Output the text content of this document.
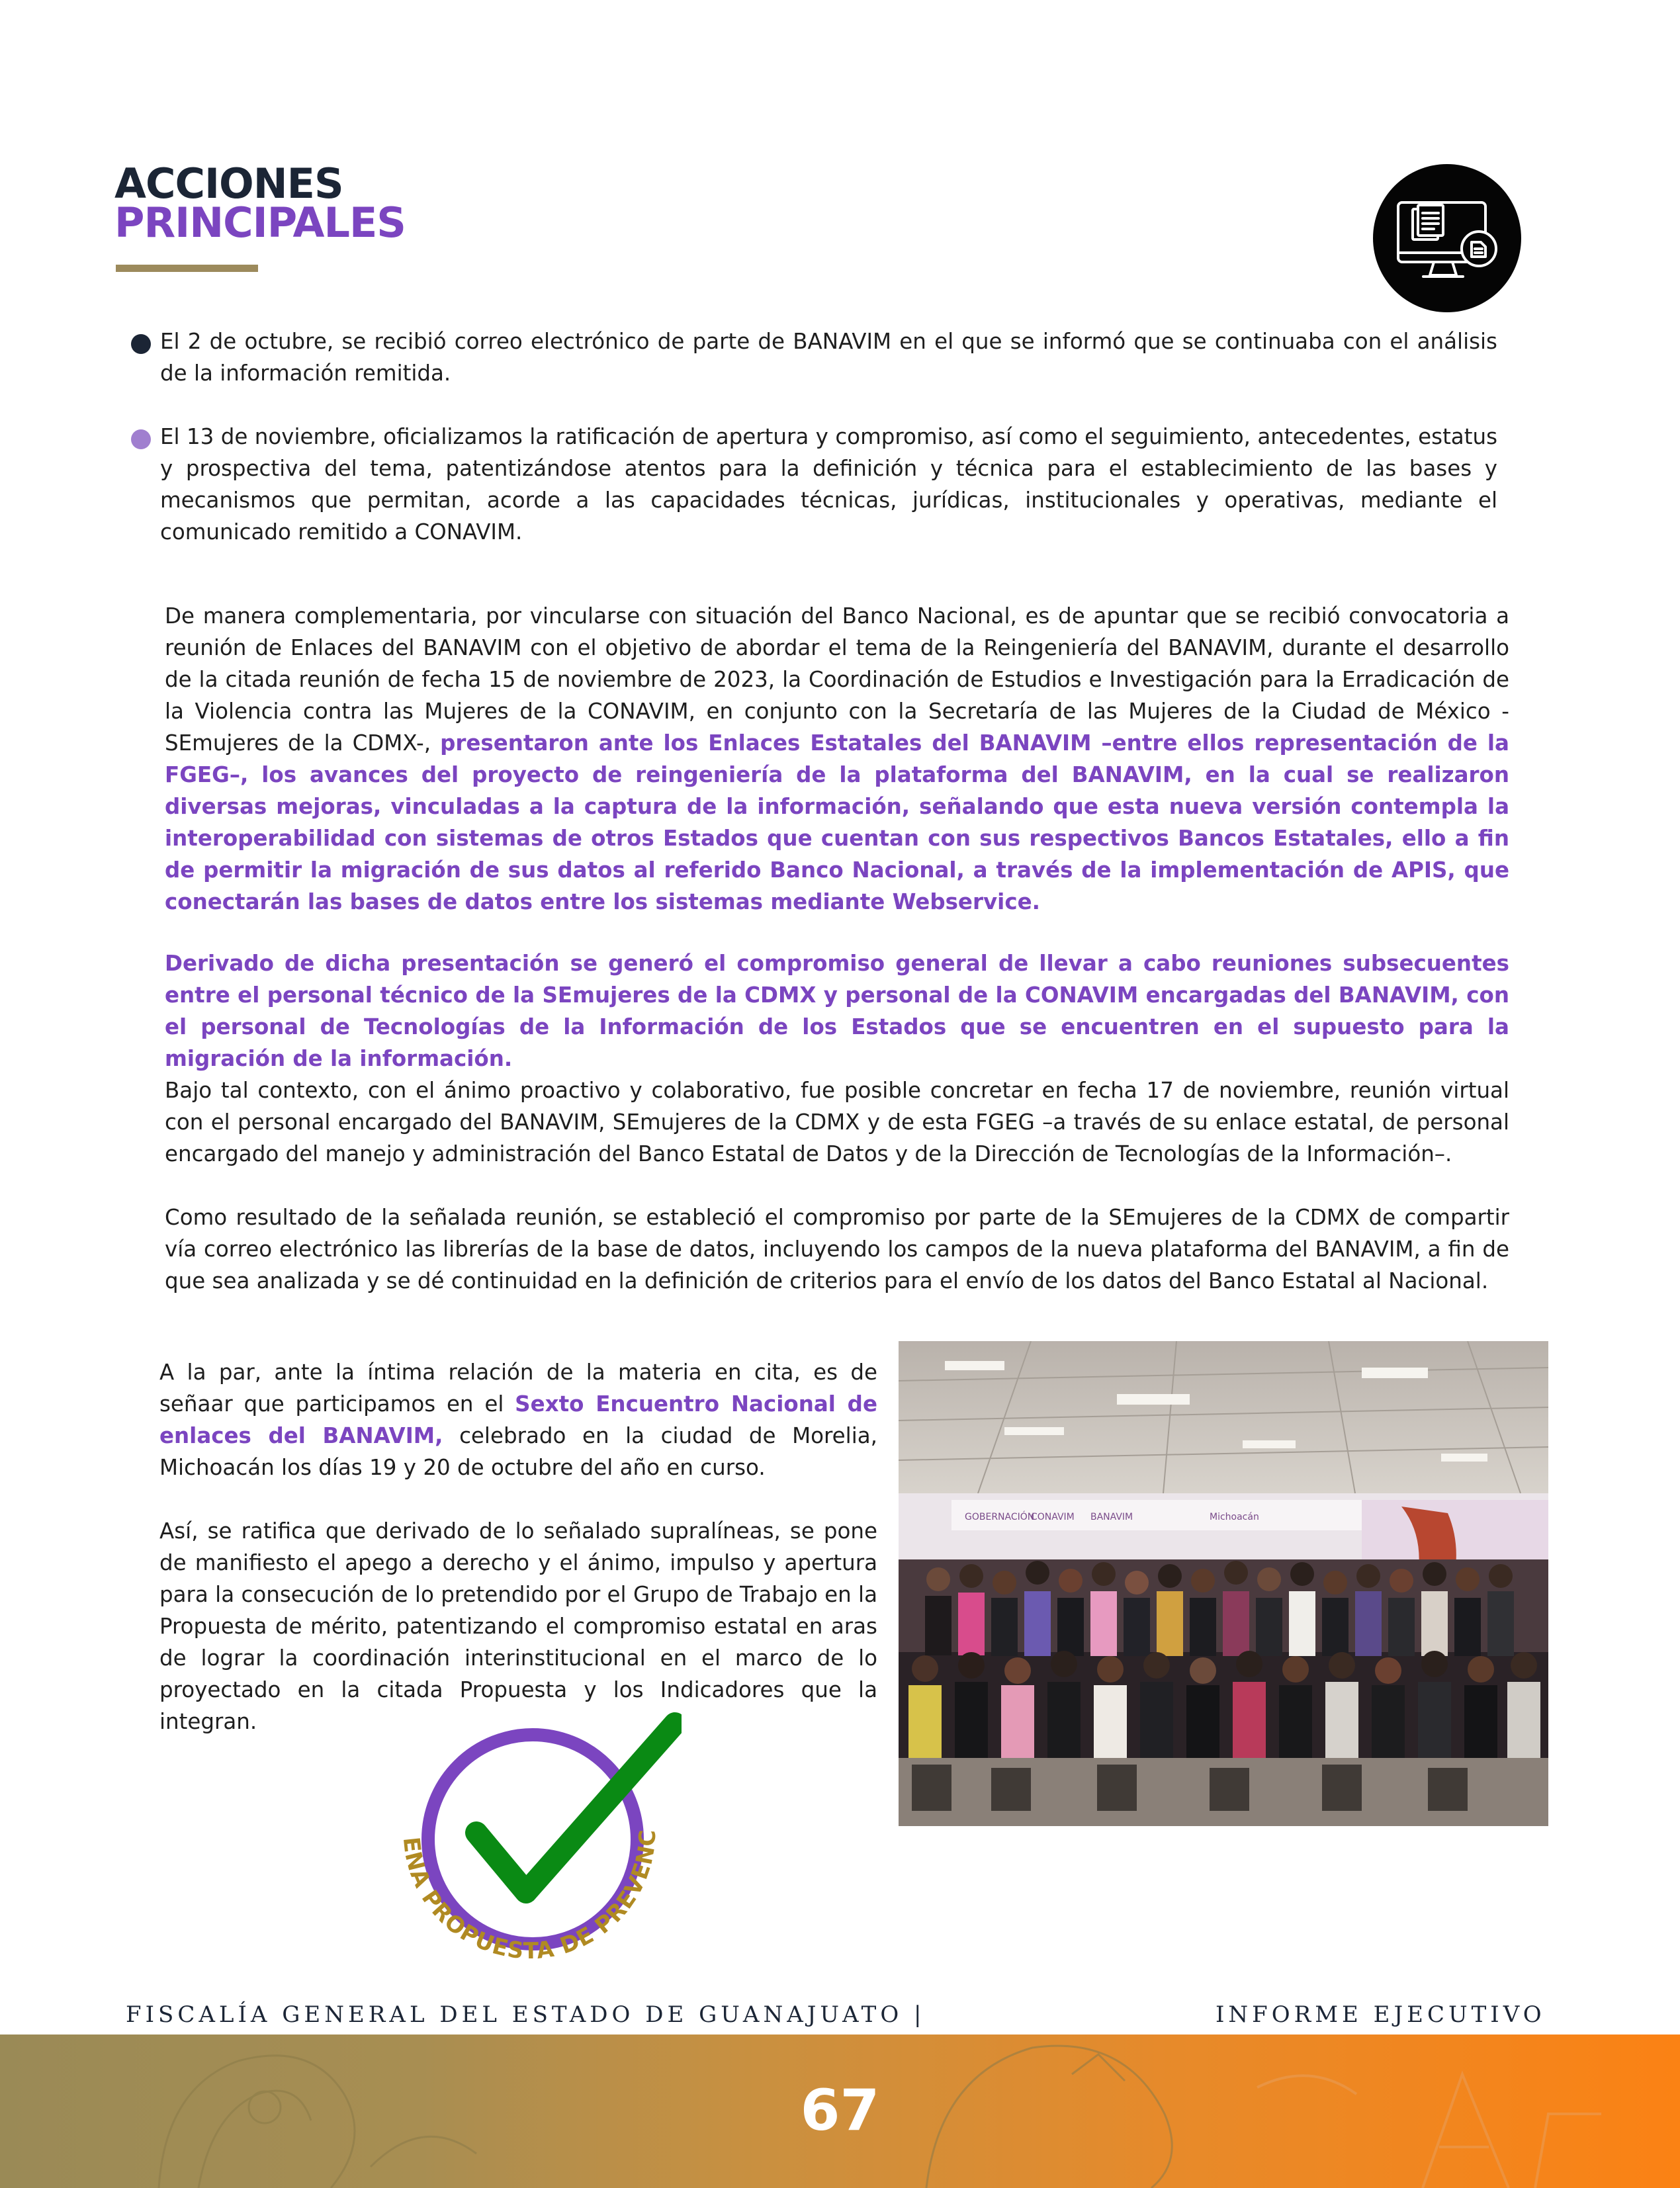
ACCIONES
PRINCIPALES

El 2 de octubre, se recibió correo electrónico de parte de BANAVIM en el que se informó que se continuaba con el análisis de la información remitida.

El 13 de noviembre, oficializamos la ratificación de apertura y compromiso, así como el seguimiento, antecedentes, estatus y prospectiva del tema, patentizándose atentos para la definición y técnica para el establecimiento de las bases y mecanismos que permitan, acorde a las capacidades técnicas, jurídicas, institucionales y operativas, mediante el comunicado remitido a CONAVIM.

De manera complementaria, por vincularse con situación del Banco Nacional, es de apuntar que se recibió convocatoria a reunión de Enlaces del BANAVIM con el objetivo de abordar el tema de la Reingeniería del BANAVIM, durante el desarrollo de la citada reunión de fecha 15 de noviembre de 2023, la Coordinación de Estudios e Investigación para la Erradicación de la Violencia contra las Mujeres de la CONAVIM, en conjunto con la Secretaría de las Mujeres de la Ciudad de México -SEmujeres de la CDMX-, presentaron ante los Enlaces Estatales del BANAVIM –entre ellos representación de la FGEG–, los avances del proyecto de reingeniería de la plataforma del BANAVIM, en la cual se realizaron diversas mejoras, vinculadas a la captura de la información, señalando que esta nueva versión contempla la interoperabilidad con sistemas de otros Estados que cuentan con sus respectivos Bancos Estatales, ello a fin de permitir la migración de sus datos al referido Banco Nacional, a través de la implementación de APIS, que conectarán las bases de datos entre los sistemas mediante Webservice.

Derivado de dicha presentación se generó el compromiso general de llevar a cabo reuniones subsecuentes entre el personal técnico de la SEmujeres de la CDMX y personal de la CONAVIM encargadas del BANAVIM, con el personal de Tecnologías de la Información de los Estados que se encuentren en el supuesto para la migración de la información.

Bajo tal contexto, con el ánimo proactivo y colaborativo, fue posible concretar en fecha 17 de noviembre, reunión virtual con el personal encargado del BANAVIM, SEmujeres de la CDMX y de esta FGEG –a través de su enlace estatal, de personal encargado del manejo y administración del Banco Estatal de Datos y de la Dirección de Tecnologías de la Información–.

Como resultado de la señalada reunión, se estableció el compromiso por parte de la SEmujeres de la CDMX de compartir vía correo electrónico las librerías de la base de datos, incluyendo los campos de la nueva plataforma del BANAVIM, a fin de que sea analizada y se dé continuidad en la definición de criterios para el envío de los datos del Banco Estatal al Nacional.

A la par, ante la íntima relación de la materia en cita, es de señaar que participamos en el Sexto Encuentro Nacional de enlaces del BANAVIM, celebrado en la ciudad de Morelia, Michoacán los días 19 y 20 de octubre del año en curso.

Así, se ratifica que derivado de lo señalado supralíneas, se pone de manifiesto el apego a derecho y el ánimo, impulso y apertura para la consecución de lo pretendido por el Grupo de Trabajo en la Propuesta de mérito, patentizando el compromiso estatal en aras de lograr la coordinación interinstitucional en el marco de lo proyectado en la citada Propuesta y los Indicadores que la integran.

GOBERNACIÓN
CONAVIM BANAVIM	Michoacán
ENA PROPUESTA DE PREVENC
FISCALÍA GENERAL DEL ESTADO DE GUANAJUATO |	INFORME EJECUTIVO
67
